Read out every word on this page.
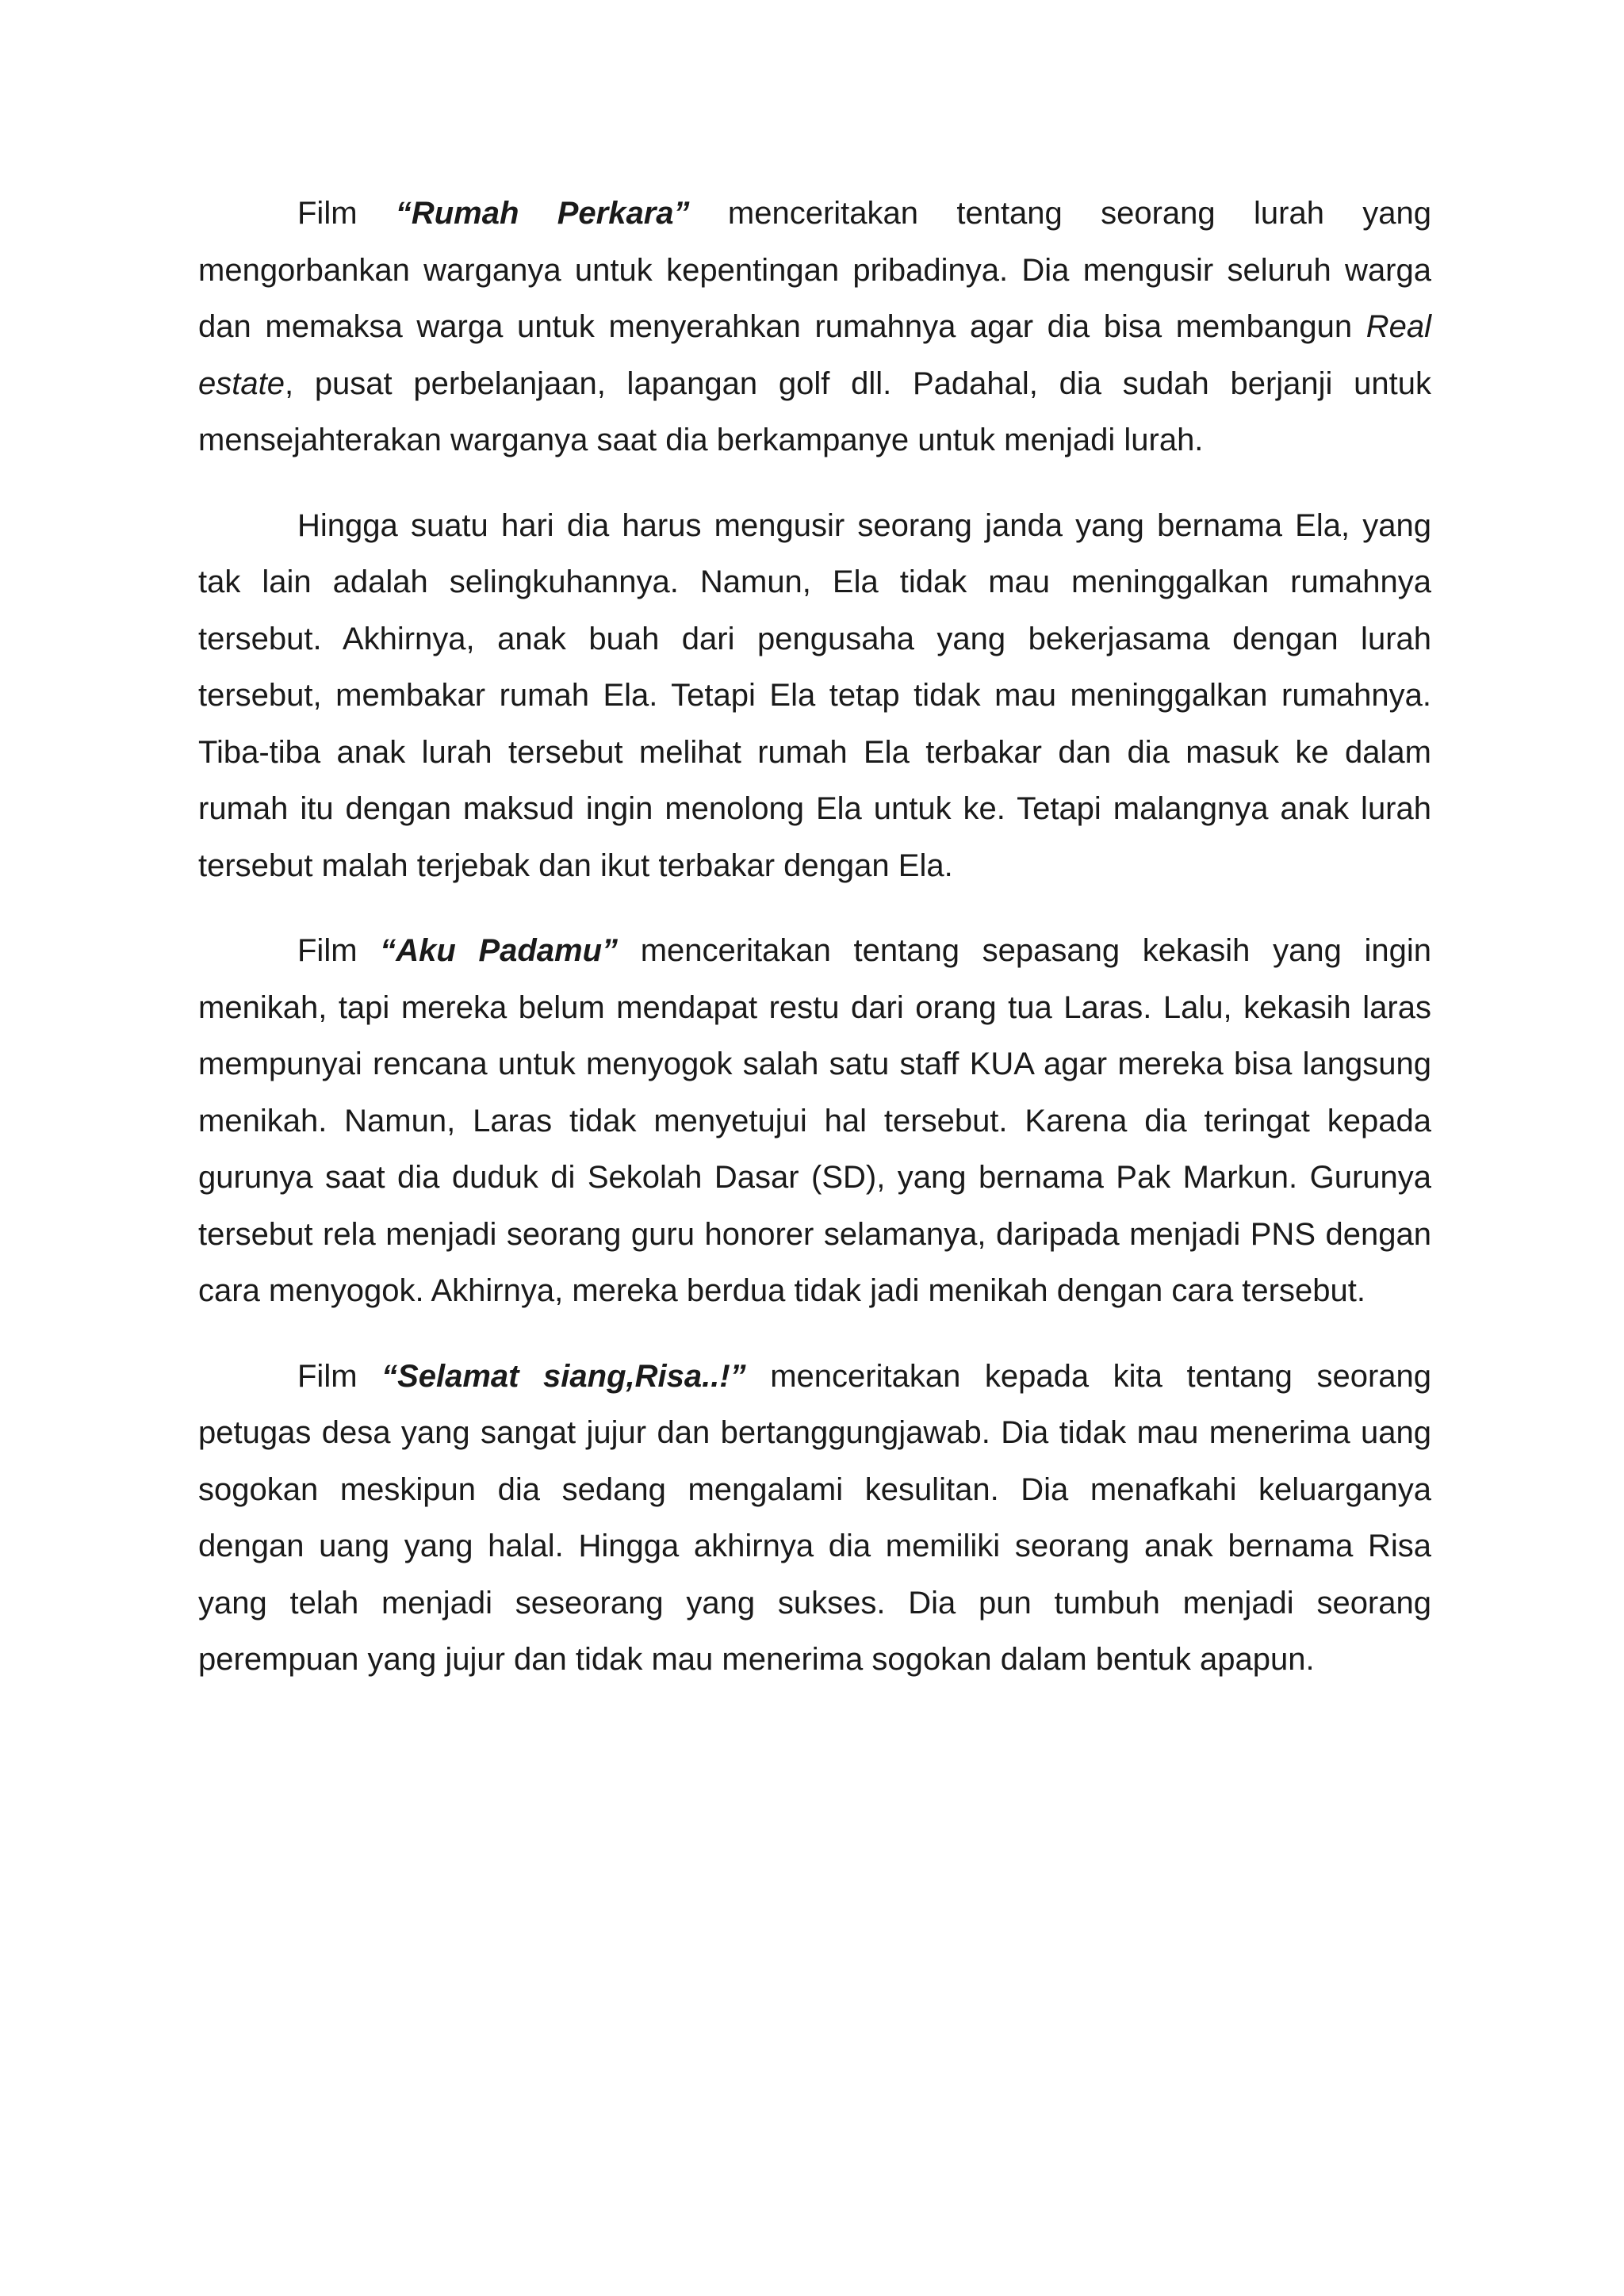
Film “Rumah Perkara” menceritakan tentang seorang lurah yang mengorbankan warganya untuk kepentingan pribadinya. Dia mengusir seluruh warga dan memaksa warga untuk menyerahkan rumahnya agar dia bisa membangun Real estate, pusat perbelanjaan, lapangan golf dll. Padahal, dia sudah berjanji untuk mensejahterakan warganya saat dia berkampanye untuk menjadi lurah.

Hingga suatu hari dia harus mengusir seorang janda yang bernama Ela, yang tak lain adalah selingkuhannya. Namun, Ela tidak mau meninggalkan rumahnya tersebut. Akhirnya, anak buah dari pengusaha yang bekerjasama dengan lurah tersebut, membakar rumah Ela. Tetapi Ela tetap tidak mau meninggalkan rumahnya. Tiba-tiba anak lurah tersebut melihat rumah Ela terbakar dan dia masuk ke dalam rumah itu dengan maksud ingin menolong Ela untuk ke. Tetapi malangnya anak lurah tersebut malah terjebak dan ikut terbakar dengan Ela.

Film “Aku Padamu” menceritakan tentang sepasang kekasih yang ingin menikah, tapi mereka belum mendapat restu dari orang tua Laras. Lalu, kekasih laras mempunyai rencana untuk menyogok salah satu staff KUA agar mereka bisa langsung menikah. Namun, Laras tidak menyetujui hal tersebut. Karena dia teringat kepada gurunya saat dia duduk di Sekolah Dasar (SD), yang bernama Pak Markun. Gurunya tersebut rela menjadi seorang guru honorer selamanya, daripada menjadi PNS dengan cara menyogok. Akhirnya, mereka berdua tidak jadi menikah dengan cara tersebut.

Film “Selamat siang,Risa..!” menceritakan kepada kita tentang seorang petugas desa yang sangat jujur dan bertanggungjawab. Dia tidak mau menerima uang sogokan meskipun dia sedang mengalami kesulitan. Dia menafkahi keluarganya dengan uang yang halal. Hingga akhirnya dia memiliki seorang anak bernama Risa yang telah menjadi seseorang yang sukses. Dia pun tumbuh menjadi seorang perempuan yang jujur dan tidak mau menerima sogokan dalam bentuk apapun.
